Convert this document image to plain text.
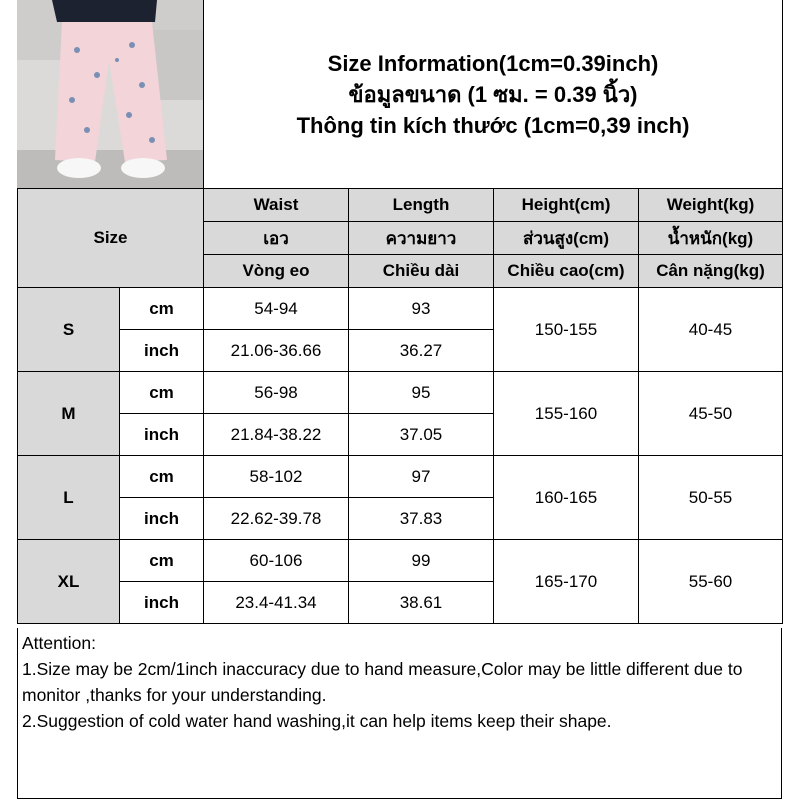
Size Information(1cm=0.39inch)
ข้อมูลขนาด (1 ซม. = 0.39 นิ้ว)
Thông tin kích thước (1cm=0,39 inch)
Size		Waist	Length	Height(cm)	Weight(kg)
		เอว	ความยาว	ส่วนสูง(cm)	น้ำหนัก(kg)
		Vòng eo	Chiều dài	Chiều cao(cm)	Cân nặng(kg)
S	cm	54-94	93	150-155	40-45
	inch	21.06-36.66	36.27		
M	cm	56-98	95	155-160	45-50
	inch	21.84-38.22	37.05		
L	cm	58-102	97	160-165	50-55
	inch	22.62-39.78	37.83		
XL	cm	60-106	99	165-170	55-60
	inch	23.4-41.34	38.61		
Attention:
1.Size may be 2cm/1inch inaccuracy due to hand measure,Color may be little different due to monitor ,thanks for your understanding.
2.Suggestion of cold water hand washing,it can help items keep their shape.
